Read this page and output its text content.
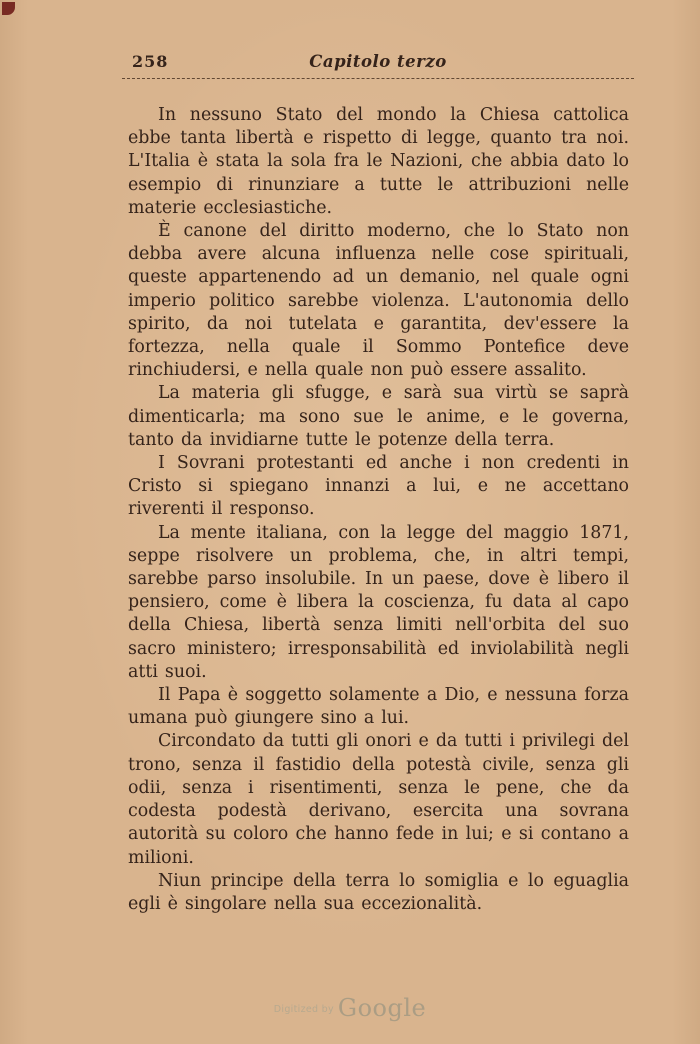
258	Capitolo terzo

In nessuno Stato del mondo la Chiesa cattolica ebbe tanta libertà e rispetto di legge, quanto tra noi. L'Italia è stata la sola fra le Nazioni, che abbia dato lo esempio di rinunziare a tutte le attribuzioni nelle materie ecclesiastiche.

È canone del diritto moderno, che lo Stato non debba avere alcuna influenza nelle cose spirituali, queste appartenendo ad un demanio, nel quale ogni imperio politico sarebbe violenza. L'autonomia dello spirito, da noi tutelata e garantita, dev'essere la fortezza, nella quale il Sommo Pontefice deve rinchiudersi, e nella quale non può essere assalito.

La materia gli sfugge, e sarà sua virtù se saprà dimenticarla; ma sono sue le anime, e le governa, tanto da invidiarne tutte le potenze della terra.

I Sovrani protestanti ed anche i non credenti in Cristo si spiegano innanzi a lui, e ne accettano riverenti il responso.

La mente italiana, con la legge del maggio 1871, seppe risolvere un problema, che, in altri tempi, sarebbe parso insolubile. In un paese, dove è libero il pensiero, come è libera la coscienza, fu data al capo della Chiesa, libertà senza limiti nell'orbita del suo sacro ministero; irresponsabilità ed inviolabilità negli atti suoi.

Il Papa è soggetto solamente a Dio, e nessuna forza umana può giungere sino a lui.

Circondato da tutti gli onori e da tutti i privilegi del trono, senza il fastidio della potestà civile, senza gli odii, senza i risentimenti, senza le pene, che da codesta podestà derivano, esercita una sovrana autorità su coloro che hanno fede in lui; e si contano a milioni.

Niun principe della terra lo somiglia e lo eguaglia egli è singolare nella sua eccezionalità.

$^{Digitized by}$ Google
